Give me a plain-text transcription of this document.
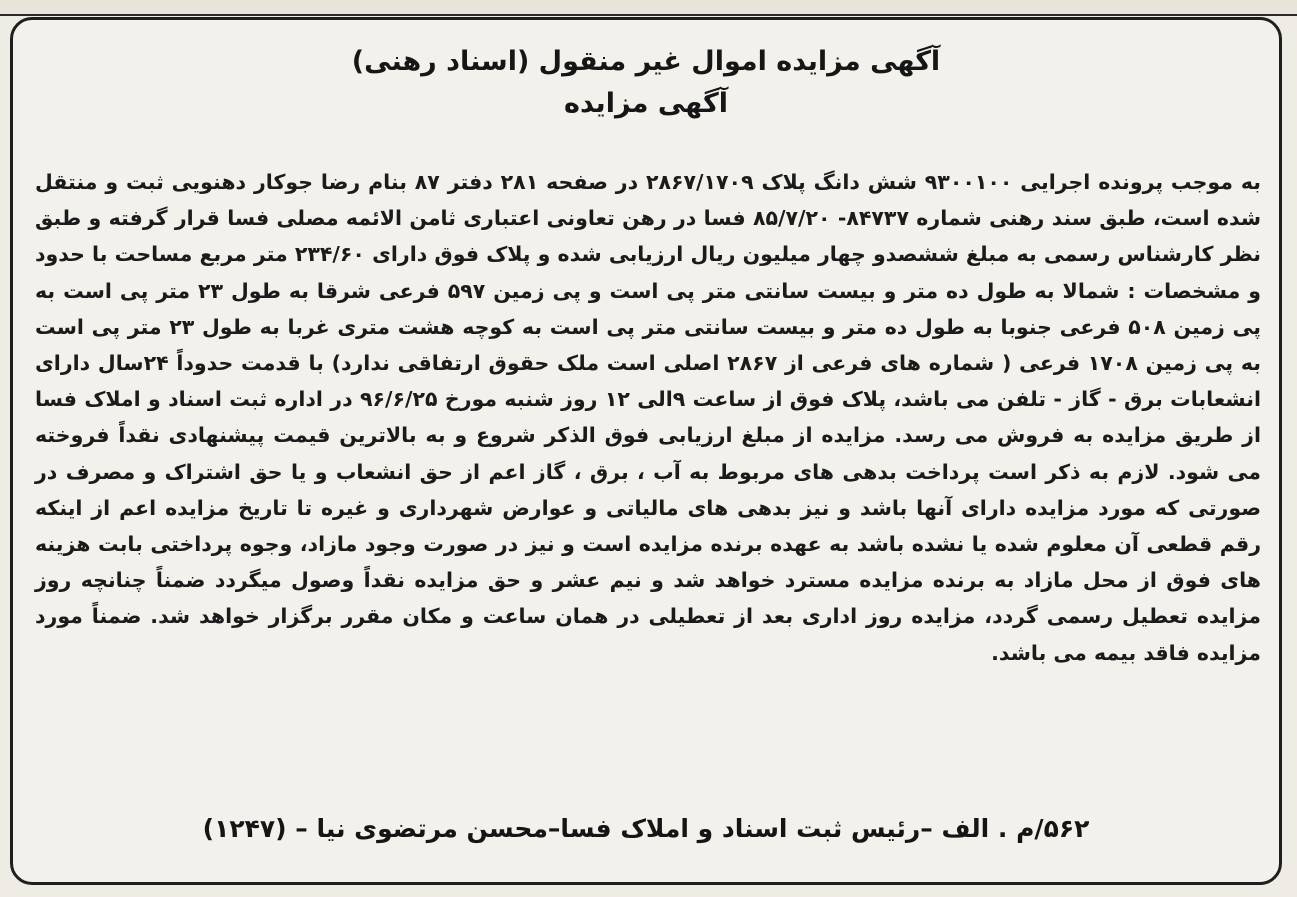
آگهی مزایده اموال غیر منقول (اسناد رهنی)
آگهی مزایده
به موجب پرونده اجرایی ۹۳۰۰۱۰۰ شش دانگ پلاک ۲۸۶۷/۱۷۰۹ در صفحه ۲۸۱ دفتر ۸۷ بنام رضا جوکار دهنویی ثبت و منتقل شده است، طبق سند رهنی شماره ۸۴۷۳۷- ۸۵/۷/۲۰ فسا در رهن تعاونی اعتباری ثامن الائمه مصلی فسا قرار گرفته و طبق نظر کارشناس رسمی به مبلغ ششصدو چهار میلیون ریال ارزیابی شده و پلاک فوق دارای ۲۳۴/۶۰ متر مربع مساحت با حدود و مشخصات : شمالا به طول ده متر و بیست سانتی متر پی است و پی زمین ۵۹۷ فرعی شرقا به طول ۲۳ متر پی است به پی زمین ۵۰۸ فرعی جنوبا به طول ده متر و بیست سانتی متر پی است به کوچه هشت متری غربا به طول ۲۳ متر پی است به پی زمین ۱۷۰۸ فرعی ( شماره های فرعی از ۲۸۶۷ اصلی است ملک حقوق ارتفاقی ندارد) با قدمت حدوداً ۲۴سال دارای انشعابات برق - گاز - تلفن می باشد، پلاک فوق از ساعت ۹الی ۱۲ روز شنبه مورخ ۹۶/۶/۲۵ در اداره ثبت اسناد و املاک فسا از طریق مزایده به فروش می رسد. مزایده از مبلغ ارزیابی فوق الذکر شروع و به بالاترین قیمت پیشنهادی نقداً فروخته می شود. لازم به ذکر است پرداخت بدهی های مربوط به آب ، برق ، گاز اعم از حق انشعاب و یا حق اشتراک و مصرف در صورتی که مورد مزایده دارای آنها باشد و نیز بدهی های مالیاتی و عوارض شهرداری و غیره تا تاریخ مزایده اعم از اینکه رقم قطعی آن معلوم شده یا نشده باشد به عهده برنده مزایده است و نیز در صورت وجود مازاد، وجوه پرداختی بابت هزینه های فوق از محل مازاد به برنده مزایده مسترد خواهد شد و نیم عشر و حق مزایده نقداً وصول میگردد ضمناً چنانچه روز مزایده تعطیل رسمی گردد، مزایده روز اداری بعد از تعطیلی در همان ساعت و مکان مقرر برگزار خواهد شد. ضمناً مورد مزایده فاقد بیمه می باشد.
۵۶۲/م . الف –رئیس ثبت اسناد و املاک فسا–محسن مرتضوی نیا – (۱۲۴۷)
